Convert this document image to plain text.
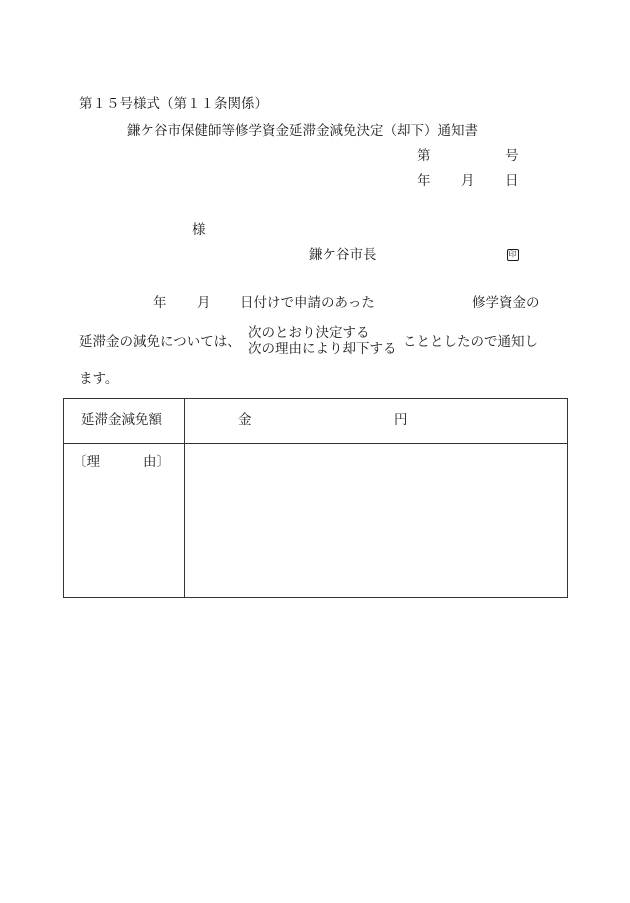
第１５号様式（第１１条関係）
鎌ケ谷市保健師等修学資金延滞金減免決定（却下）通知書
第	号
年 月 日
様
鎌ケ谷市長	印
年 月 日付けで申請のあった	修学資金の
延滞金の減免については、
次のとおり決定する
次の理由により却下する こととしたので通知し
ます。
延滞金減免額	金 円

〔理 由〕	
